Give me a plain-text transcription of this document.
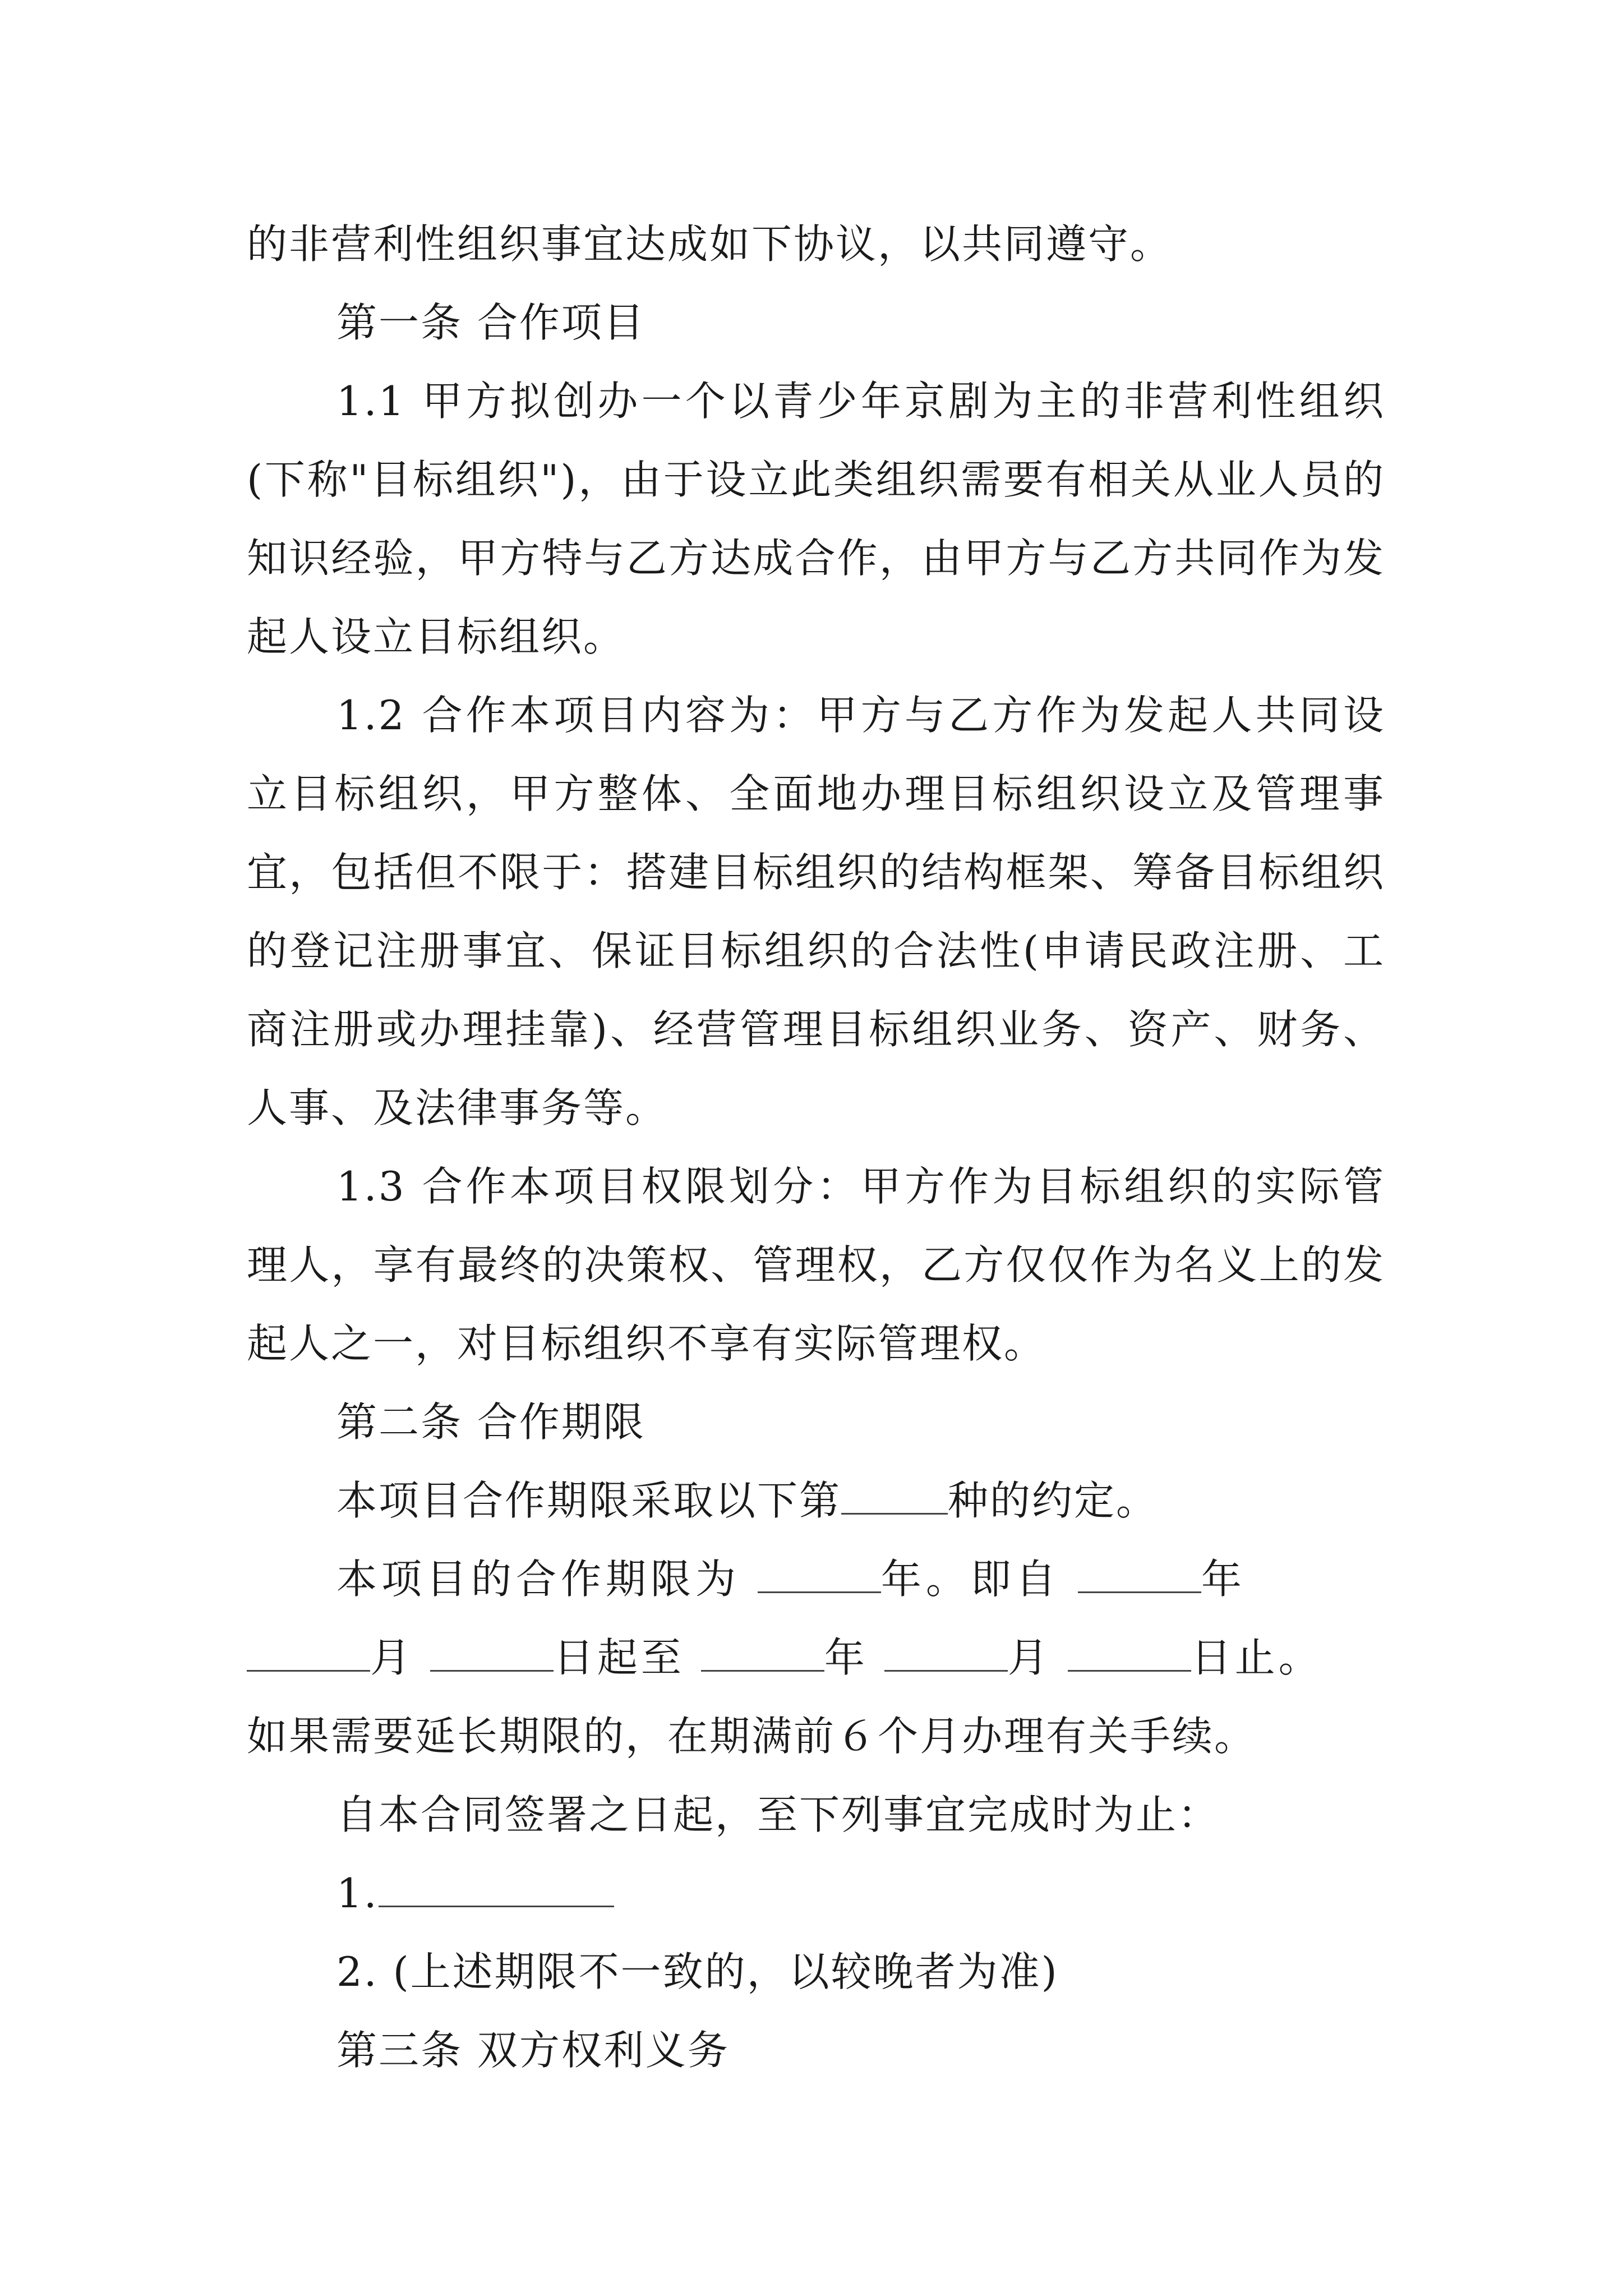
的非营利性组织事宜达成如下协议，以共同遵守。

第一条 合作项目

1.1 甲方拟创办一个以青少年京剧为主的非营利性组织(下称"目标组织")，由于设立此类组织需要有相关从业人员的知识经验，甲方特与乙方达成合作，由甲方与乙方共同作为发起人设立目标组织。

1.2 合作本项目内容为：甲方与乙方作为发起人共同设立目标组织，甲方整体、全面地办理目标组织设立及管理事宜，包括但不限于：搭建目标组织的结构框架、筹备目标组织的登记注册事宜、保证目标组织的合法性(申请民政注册、工商注册或办理挂靠)、经营管理目标组织业务、资产、财务、人事、及法律事务等。

1.3 合作本项目权限划分：甲方作为目标组织的实际管理人，享有最终的决策权、管理权，乙方仅仅作为名义上的发起人之一，对目标组织不享有实际管理权。

第二条 合作期限

本项目合作期限采取以下第	种的约定。

本项目的合作期限为	年。即自	年

月	日起至	年	月	日止。

如果需要延长期限的，在期满前６个月办理有关手续。

自本合同签署之日起，至下列事宜完成时为止：

1.

2. (上述期限不一致的，以较晚者为准)

第三条 双方权利义务
